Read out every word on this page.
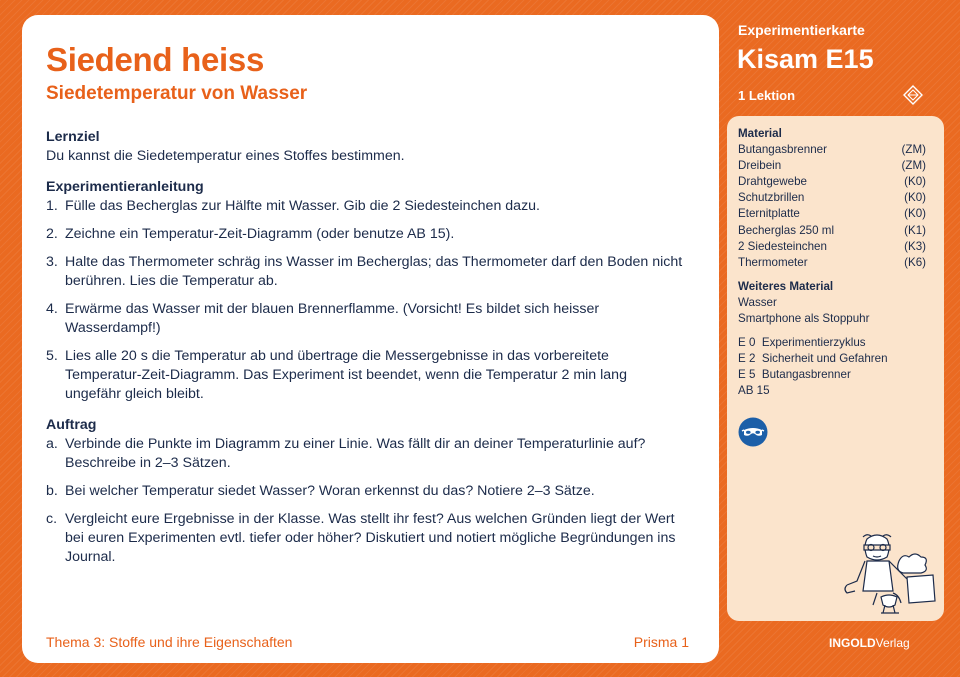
Siedend heiss
Siedetemperatur von Wasser

Lernziel

Du kannst die Siedetemperatur eines Stoffes bestimmen.

Experimentieranleitung

1. Fülle das Becherglas zur Hälfte mit Wasser. Gib die 2 Siedesteinchen dazu.
2. Zeichne ein Temperatur-Zeit-Diagramm (oder benutze AB 15).
3. Halte das Thermometer schräg ins Wasser im Becherglas; das Thermometer darf den Boden nicht berühren. Lies die Temperatur ab.
4. Erwärme das Wasser mit der blauen Brennerflamme. (Vorsicht! Es bildet sich heisser Wasserdampf!)
5. Lies alle 20 s die Temperatur ab und übertrage die Messergebnisse in das vorbereitete Temperatur-Zeit-Diagramm. Das Experiment ist beendet, wenn die Temperatur 2 min lang ungefähr gleich bleibt.

Auftrag

a. Verbinde die Punkte im Diagramm zu einer Linie. Was fällt dir an deiner Temperaturlinie auf? Beschreibe in 2–3 Sätzen.
b. Bei welcher Temperatur siedet Wasser? Woran erkennst du das? Notiere 2–3 Sätze.
c. Vergleicht eure Ergebnisse in der Klasse. Was stellt ihr fest? Aus welchen Gründen liegt der Wert bei euren Experimenten evtl. tiefer oder höher? Diskutiert und notiert mögliche Begründungen ins Journal.
Thema 3: Stoffe und ihre Eigenschaften	Prisma 1
Experimentierkarte
Kisam E15
1 Lektion
Material
Butangasbrenner	(ZM)
Dreibein	(ZM)
Drahtgewebe	(K0)
Schutzbrillen	(K0)
Eternitplatte	(K0)
Becherglas 250 ml	(K1)
2 Siedesteinchen	(K3)
Thermometer	(K6)
Weiteres Material
Wasser
Smartphone als Stoppuhr
E 0 Experimentierzyklus
E 2 Sicherheit und Gefahren
E 5 Butangasbrenner
AB 15
INGOLDVerlag
